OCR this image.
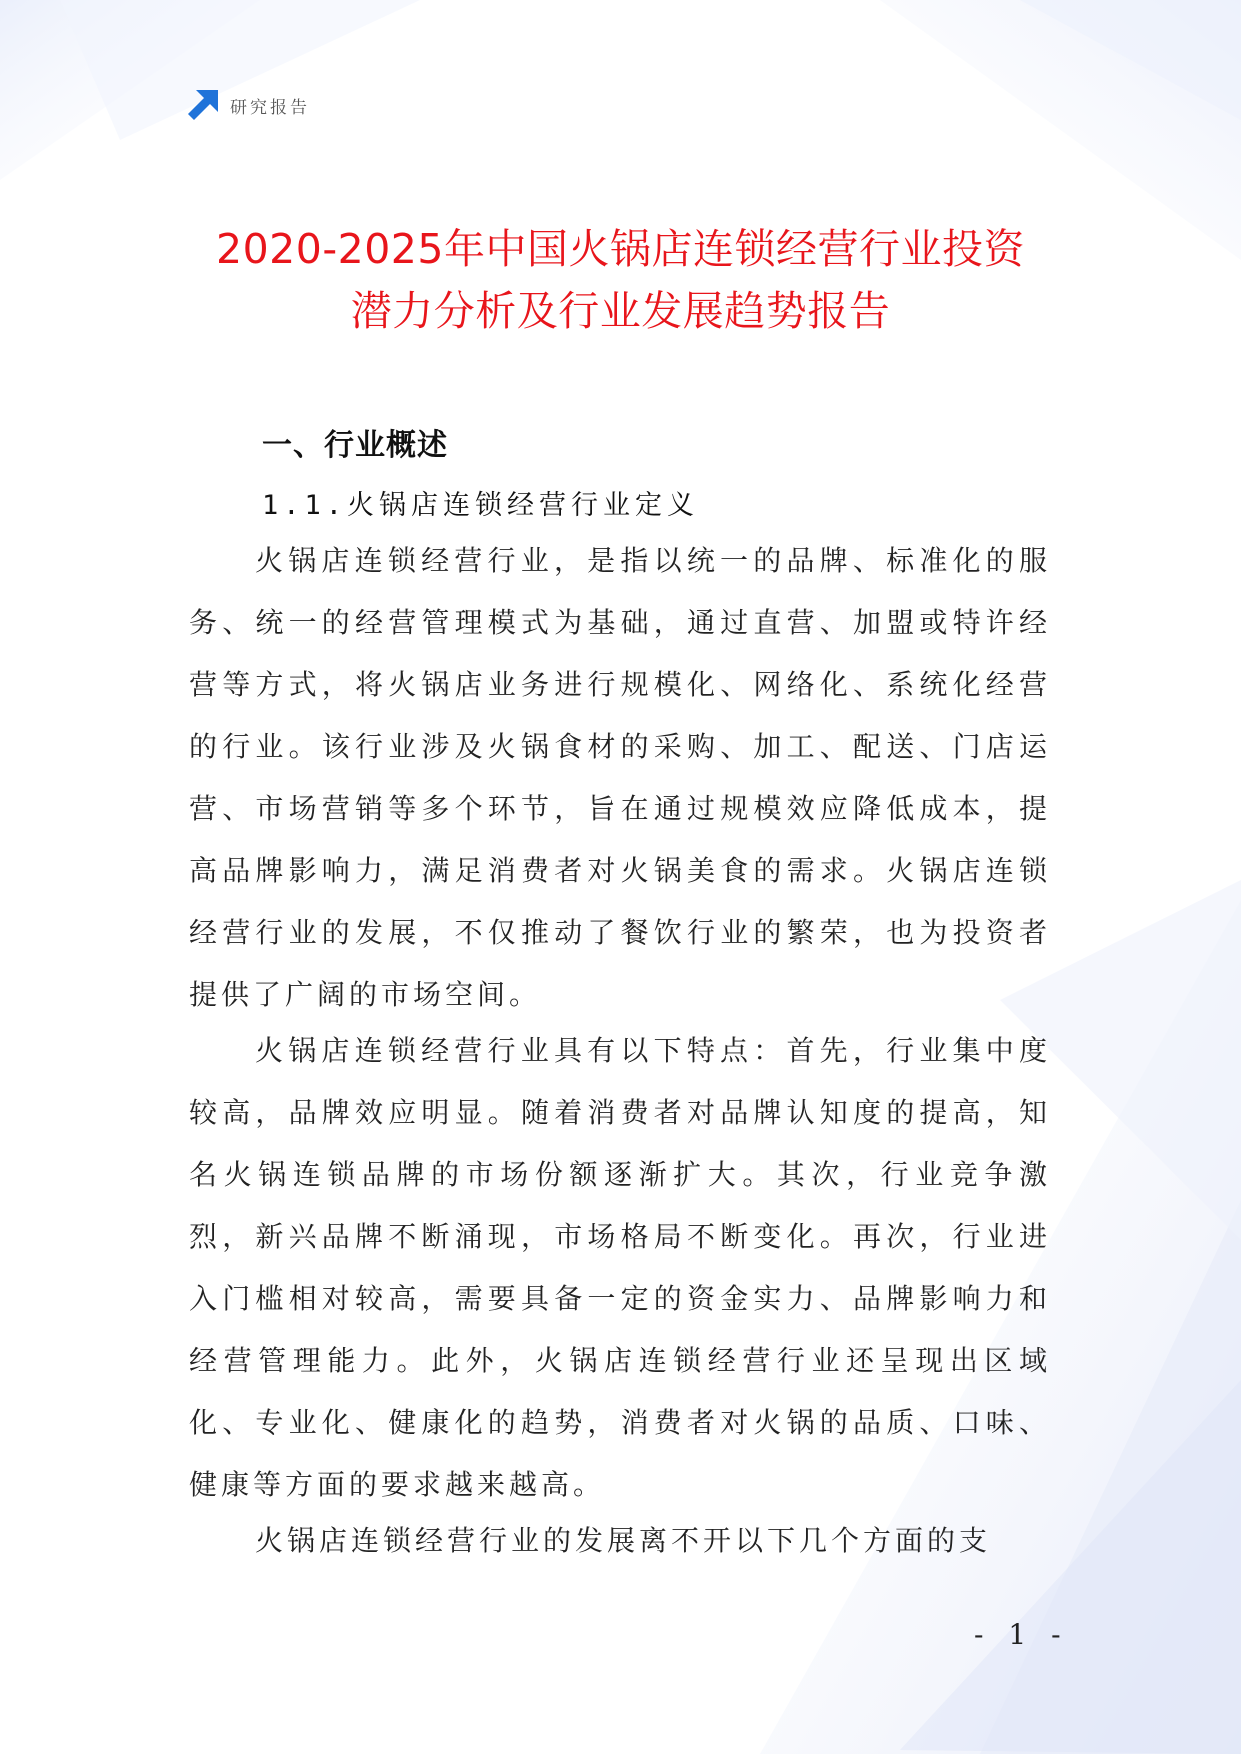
研究报告
2020-2025年中国火锅店连锁经营行业投资
潜力分析及行业发展趋势报告
一、行业概述
1.1.火锅店连锁经营行业定义

火锅店连锁经营行业，是指以统一的品牌、标准化的服务、统一的经营管理模式为基础，通过直营、加盟或特许经营等方式，将火锅店业务进行规模化、网络化、系统化经营的行业。该行业涉及火锅食材的采购、加工、配送、门店运营、市场营销等多个环节，旨在通过规模效应降低成本，提高品牌影响力，满足消费者对火锅美食的需求。火锅店连锁经营行业的发展，不仅推动了餐饮行业的繁荣，也为投资者提供了广阔的市场空间。

火锅店连锁经营行业具有以下特点：首先，行业集中度较高，品牌效应明显。随着消费者对品牌认知度的提高，知名火锅连锁品牌的市场份额逐渐扩大。其次，行业竞争激烈，新兴品牌不断涌现，市场格局不断变化。再次，行业进入门槛相对较高，需要具备一定的资金实力、品牌影响力和经营管理能力。此外，火锅店连锁经营行业还呈现出区域化、专业化、健康化的趋势，消费者对火锅的品质、口味、健康等方面的要求越来越高。

火锅店连锁经营行业的发展离不开以下几个方面的支

- 1 -
